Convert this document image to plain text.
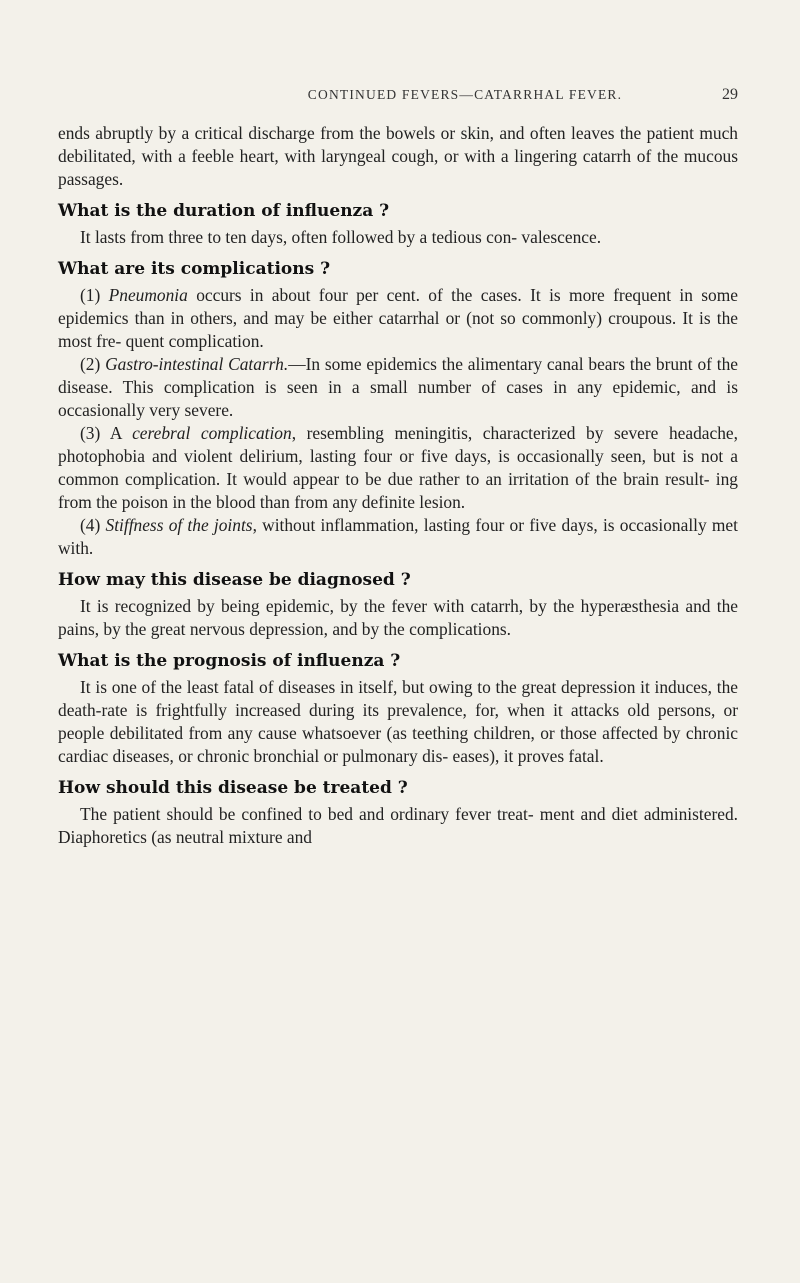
CONTINUED FEVERS—CATARRHAL FEVER.	29

ends abruptly by a critical discharge from the bowels or skin, and often leaves the patient much debilitated, with a feeble heart, with laryngeal cough, or with a lingering catarrh of the mucous passages.

What is the duration of influenza ?

It lasts from three to ten days, often followed by a tedious con- valescence.

What are its complications ?

(1) Pneumonia occurs in about four per cent. of the cases. It is more frequent in some epidemics than in others, and may be either catarrhal or (not so commonly) croupous. It is the most fre- quent complication.

(2) Gastro-intestinal Catarrh.—In some epidemics the alimentary canal bears the brunt of the disease. This complication is seen in a small number of cases in any epidemic, and is occasionally very severe.

(3) A cerebral complication, resembling meningitis, characterized by severe headache, photophobia and violent delirium, lasting four or five days, is occasionally seen, but is not a common complication. It would appear to be due rather to an irritation of the brain result- ing from the poison in the blood than from any definite lesion.

(4) Stiffness of the joints, without inflammation, lasting four or five days, is occasionally met with.

How may this disease be diagnosed ?

It is recognized by being epidemic, by the fever with catarrh, by the hyperæsthesia and the pains, by the great nervous depression, and by the complications.

What is the prognosis of influenza ?

It is one of the least fatal of diseases in itself, but owing to the great depression it induces, the death-rate is frightfully increased during its prevalence, for, when it attacks old persons, or people debilitated from any cause whatsoever (as teething children, or those affected by chronic cardiac diseases, or chronic bronchial or pulmonary dis- eases), it proves fatal.

How should this disease be treated ?

The patient should be confined to bed and ordinary fever treat- ment and diet administered. Diaphoretics (as neutral mixture and
